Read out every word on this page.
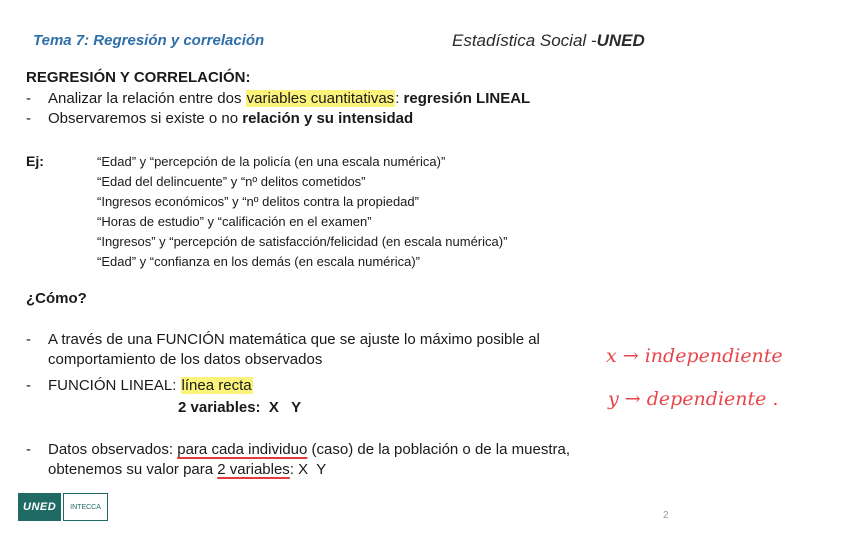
Tema 7: Regresión y correlación	Estadística Social -UNED
REGRESIÓN Y CORRELACIÓN:
- Analizar la relación entre dos variables cuantitativas: regresión LINEAL
- Observaremos si existe o no relación y su intensidad
Ej:	“Edad” y “percepción de la policía (en una escala numérica)”
“Edad del delincuente” y “nº delitos cometidos”
“Ingresos económicos” y “nº delitos contra la propiedad”
“Horas de estudio” y “calificación en el examen”
“Ingresos” y “percepción de satisfacción/felicidad (en escala numérica)”
“Edad” y “confianza en los demás (en escala numérica)”
¿Cómo?
- A través de una FUNCIÓN matemática que se ajuste lo máximo posible al
comportamiento de los datos observados
- FUNCIÓN LINEAL: línea recta
2 variables:  X   Y
- Datos observados: para cada individuo (caso) de la población o de la muestra,
obtenemos su valor para 2 variables: X  Y
x → independiente
y → dependiente .
UNED	INTECCA
2
